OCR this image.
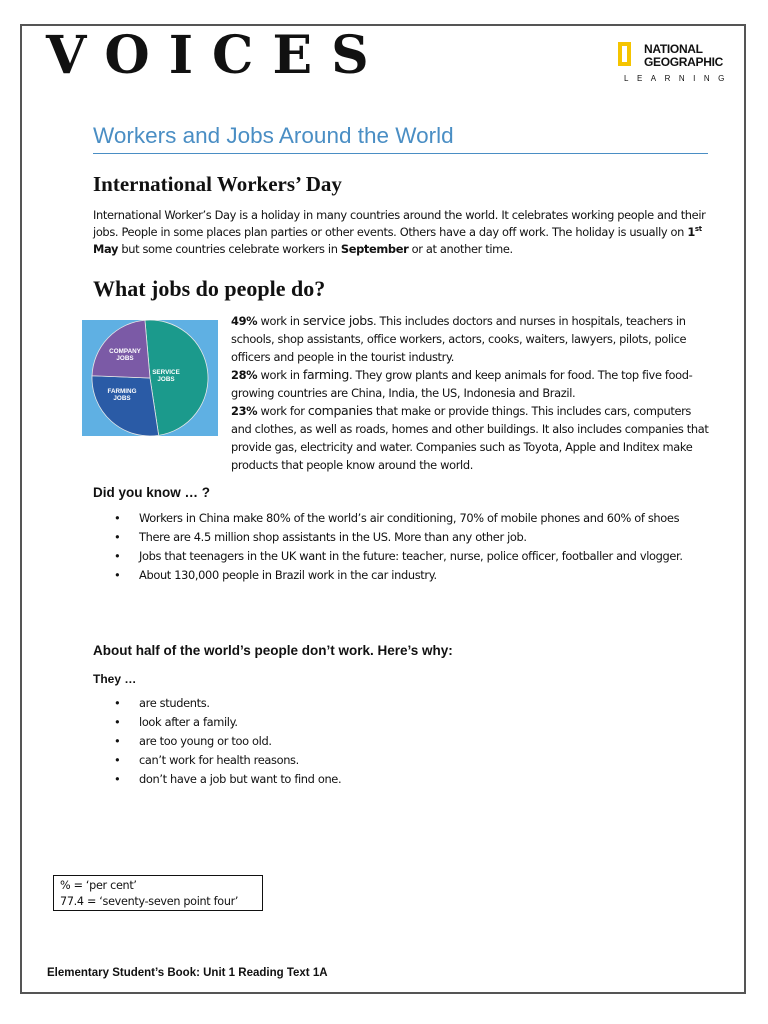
VOICES	NATIONAL
GEOGRAPHIC
LEARNING
Workers and Jobs Around the World
International Workers’ Day
International Worker’s Day is a holiday in many countries around the world. It celebrates working people and their jobs. People in some places plan parties or other events. Others have a day off work. The holiday is usually on 1st May but some countries celebrate workers in September or at another time.
What jobs do people do?
SERVICE JOBS
FARMING JOBS
COMPANY JOBS

49% work in service jobs. This includes doctors and nurses in hospitals, teachers in schools, shop assistants, office workers, actors, cooks, waiters, lawyers, pilots, police officers and people in the tourist industry.

28% work in farming. They grow plants and keep animals for food. The top five food-growing countries are China, India, the US, Indonesia and Brazil.

23% work for companies that make or provide things. This includes cars, computers and clothes, as well as roads, homes and other buildings. It also includes companies that provide gas, electricity and water. Companies such as Toyota, Apple and Inditex make products that people know around the world.

Did you know … ?
• Workers in China make 80% of the world’s air conditioning, 70% of mobile phones and 60% of shoes
• There are 4.5 million shop assistants in the US. More than any other job.
• Jobs that teenagers in the UK want in the future: teacher, nurse, police officer, footballer and vlogger.
• About 130,000 people in Brazil work in the car industry.
About half of the world’s people don’t work. Here’s why:
They …
• are students.
• look after a family.
• are too young or too old.
• can’t work for health reasons.
• don’t have a job but want to find one.
% = ‘per cent’
77.4 = ‘seventy-seven point four’
Elementary Student’s Book: Unit 1 Reading Text 1A
